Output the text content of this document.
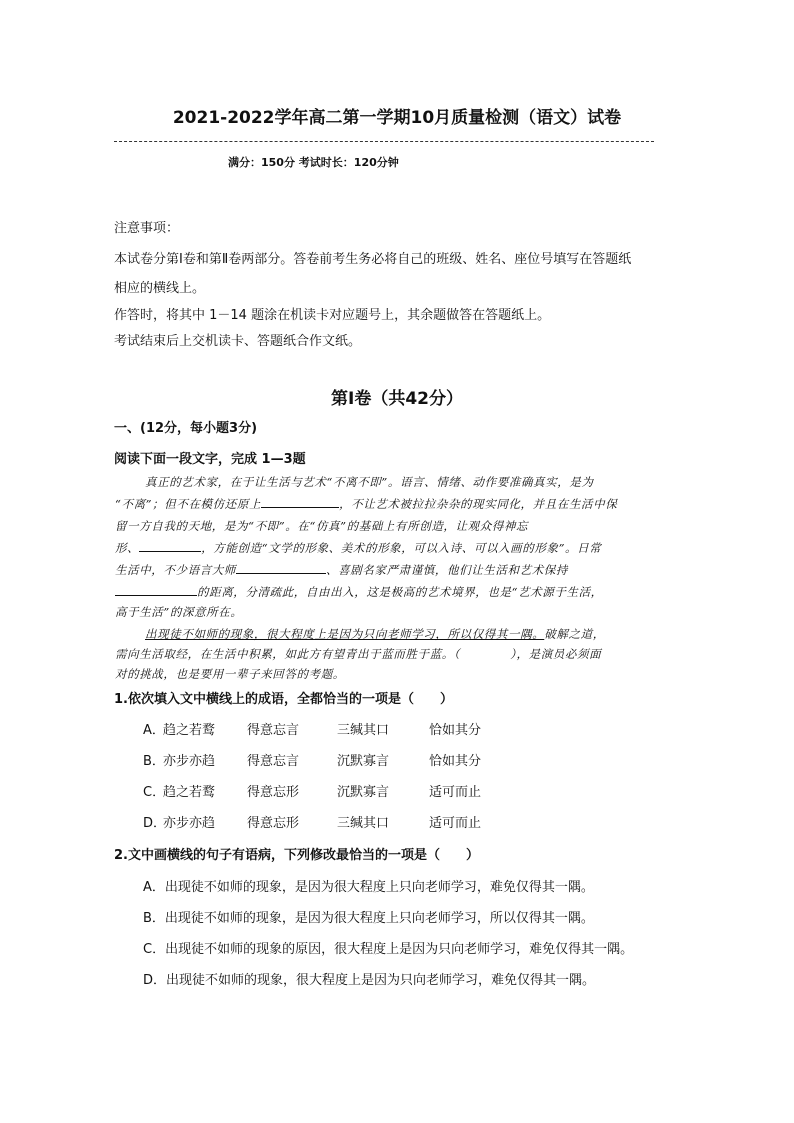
2021-2022学年高二第一学期10月质量检测（语文）试卷
满分：150分 考试时长：120分钟
注意事项：
本试卷分第Ⅰ卷和第Ⅱ卷两部分。答卷前考生务必将自己的班级、姓名、座位号填写在答题纸
相应的横线上。
作答时，将其中 1－14 题涂在机读卡对应题号上，其余题做答在答题纸上。
考试结束后上交机读卡、答题纸合作文纸。
第Ⅰ卷（共42分）
一、(12分，每小题3分)
阅读下面一段文字，完成 1—3题
真正的艺术家，在于让生活与艺术“不离不即”。语言、情绪、动作要准确真实，是为
“不离”；但不在模仿还原上	，不让艺术被拉拉杂杂的现实同化，并且在生活中保
留一方自我的天地，是为“不即”。在“仿真”的基础上有所创造，让观众得神忘
形、	，方能创造“文学的形象、美术的形象，可以入诗、可以入画的形象”。日常
生活中，不少语言大师	、喜剧名家严肃谨慎，他们让生活和艺术保持
的距离，分清疏此，自由出入，这是极高的艺术境界，也是“艺术源于生活，
高于生活”的深意所在。
出现徒不如师的现象，很大程度上是因为只向老师学习，所以仅得其一隅。破解之道，
需向生活取经，在生活中积累，如此方有望青出于蓝而胜于蓝。（	），是演员必须面
对的挑战，也是要用一辈子来回答的考题。
1.依次填入文中横线上的成语，全都恰当的一项是（　　）
A．
趋之若鹜	得意忘言	三缄其口	恰如其分
B．
亦步亦趋	得意忘言	沉默寡言	恰如其分
C．
趋之若鹜	得意忘形	沉默寡言	适可而止
D．
亦步亦趋	得意忘形	三缄其口	适可而止
2.文中画横线的句子有语病，下列修改最恰当的一项是（　　）
A．出现徒不如师的现象，是因为很大程度上只向老师学习，难免仅得其一隅。
B．出现徒不如师的现象，是因为很大程度上只向老师学习，所以仅得其一隅。
C．出现徒不如师的现象的原因，很大程度上是因为只向老师学习，难免仅得其一隅。
D．出现徒不如师的现象，很大程度上是因为只向老师学习，难免仅得其一隅。
